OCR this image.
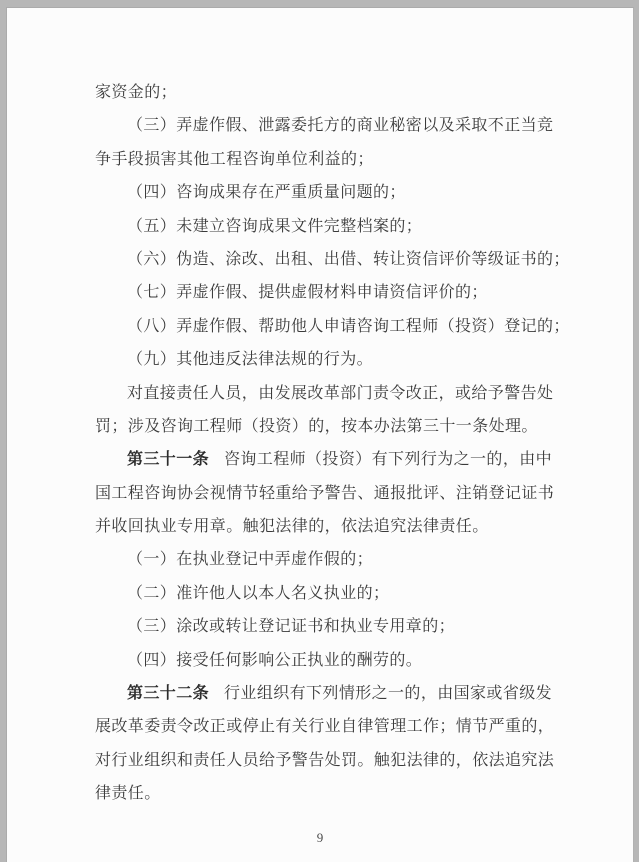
家资金的；
（三）弄虚作假、泄露委托方的商业秘密以及采取不正当竞
争手段损害其他工程咨询单位利益的；
（四）咨询成果存在严重质量问题的；
（五）未建立咨询成果文件完整档案的；
（六）伪造、涂改、出租、出借、转让资信评价等级证书的；
（七）弄虚作假、提供虚假材料申请资信评价的；
（八）弄虚作假、帮助他人申请咨询工程师（投资）登记的；
（九）其他违反法律法规的行为。
对直接责任人员，由发展改革部门责令改正，或给予警告处
罚；涉及咨询工程师（投资）的，按本办法第三十一条处理。
第三十一条 咨询工程师（投资）有下列行为之一的，由中
国工程咨询协会视情节轻重给予警告、通报批评、注销登记证书
并收回执业专用章。触犯法律的，依法追究法律责任。
（一）在执业登记中弄虚作假的；
（二）准许他人以本人名义执业的；
（三）涂改或转让登记证书和执业专用章的；
（四）接受任何影响公正执业的酬劳的。
第三十二条 行业组织有下列情形之一的，由国家或省级发
展改革委责令改正或停止有关行业自律管理工作；情节严重的，
对行业组织和责任人员给予警告处罚。触犯法律的，依法追究法
律责任。
9
